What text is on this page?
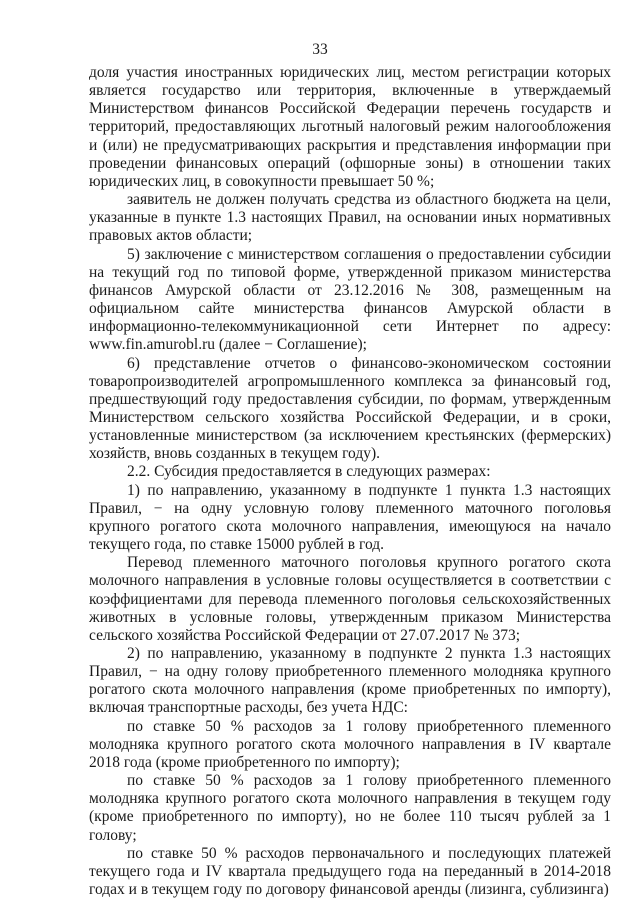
33

доля участия иностранных юридических лиц, местом регистрации которых является государство или территория, включенные в утверждаемый Министерством финансов Российской Федерации перечень государств и территорий, предоставляющих льготный налоговый режим налогообложения и (или) не предусматривающих раскрытия и представления информации при проведении финансовых операций (офшорные зоны) в отношении таких юридических лиц, в совокупности превышает 50 %;

заявитель не должен получать средства из областного бюджета на цели, указанные в пункте 1.3 настоящих Правил, на основании иных нормативных правовых актов области;

5) заключение с министерством соглашения о предоставлении субсидии на текущий год по типовой форме, утвержденной приказом министерства финансов Амурской области от 23.12.2016 № 308, размещенным на официальном сайте министерства финансов Амурской области в информационно-телекоммуникационной сети Интернет по адресу: www.fin.amurobl.ru (далее − Соглашение);

6) представление отчетов о финансово-экономическом состоянии товаропроизводителей агропромышленного комплекса за финансовый год, предшествующий году предоставления субсидии, по формам, утвержденным Министерством сельского хозяйства Российской Федерации, и в сроки, установленные министерством (за исключением крестьянских (фермерских) хозяйств, вновь созданных в текущем году).

2.2. Субсидия предоставляется в следующих размерах:

1) по направлению, указанному в подпункте 1 пункта 1.3 настоящих Правил, − на одну условную голову племенного маточного поголовья крупного рогатого скота молочного направления, имеющуюся на начало текущего года, по ставке 15000 рублей в год.

Перевод племенного маточного поголовья крупного рогатого скота молочного направления в условные головы осуществляется в соответствии с коэффициентами для перевода племенного поголовья сельскохозяйственных животных в условные головы, утвержденным приказом Министерства сельского хозяйства Российской Федерации от 27.07.2017 № 373;

2) по направлению, указанному в подпункте 2 пункта 1.3 настоящих Правил, − на одну голову приобретенного племенного молодняка крупного рогатого скота молочного направления (кроме приобретенных по импорту), включая транспортные расходы, без учета НДС:

по ставке 50 % расходов за 1 голову приобретенного племенного молодняка крупного рогатого скота молочного направления в IV квартале 2018 года (кроме приобретенного по импорту);

по ставке 50 % расходов за 1 голову приобретенного племенного молодняка крупного рогатого скота молочного направления в текущем году (кроме приобретенного по импорту), но не более 110 тысяч рублей за 1 голову;

по ставке 50 % расходов первоначального и последующих платежей текущего года и IV квартала предыдущего года на переданный в 2014-2018 годах и в текущем году по договору финансовой аренды (лизинга, сублизинга)
